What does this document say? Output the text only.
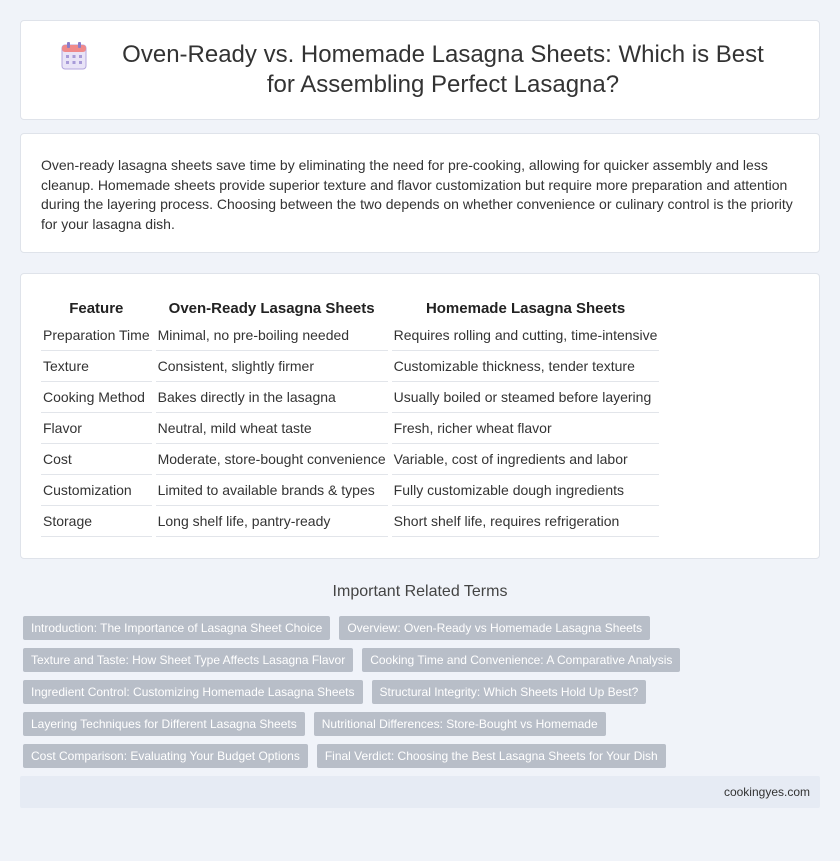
Oven-Ready vs. Homemade Lasagna Sheets: Which is Best for Assembling Perfect Lasagna?

Oven-ready lasagna sheets save time by eliminating the need for pre-cooking, allowing for quicker assembly and less cleanup. Homemade sheets provide superior texture and flavor customization but require more preparation and attention during the layering process. Choosing between the two depends on whether convenience or culinary control is the priority for your lasagna dish.

Feature	Oven-Ready Lasagna Sheets	Homemade Lasagna Sheets
Preparation Time	Minimal, no pre-boiling needed	Requires rolling and cutting, time-intensive
Texture	Consistent, slightly firmer	Customizable thickness, tender texture
Cooking Method	Bakes directly in the lasagna	Usually boiled or steamed before layering
Flavor	Neutral, mild wheat taste	Fresh, richer wheat flavor
Cost	Moderate, store-bought convenience	Variable, cost of ingredients and labor
Customization	Limited to available brands & types	Fully customizable dough ingredients
Storage	Long shelf life, pantry-ready	Short shelf life, requires refrigeration
Important Related Terms
Introduction: The Importance of Lasagna Sheet Choice	Overview: Oven-Ready vs Homemade Lasagna Sheets
Texture and Taste: How Sheet Type Affects Lasagna Flavor	Cooking Time and Convenience: A Comparative Analysis
Ingredient Control: Customizing Homemade Lasagna Sheets	Structural Integrity: Which Sheets Hold Up Best?
Layering Techniques for Different Lasagna Sheets	Nutritional Differences: Store-Bought vs Homemade
Cost Comparison: Evaluating Your Budget Options	Final Verdict: Choosing the Best Lasagna Sheets for Your Dish
cookingyes.com
